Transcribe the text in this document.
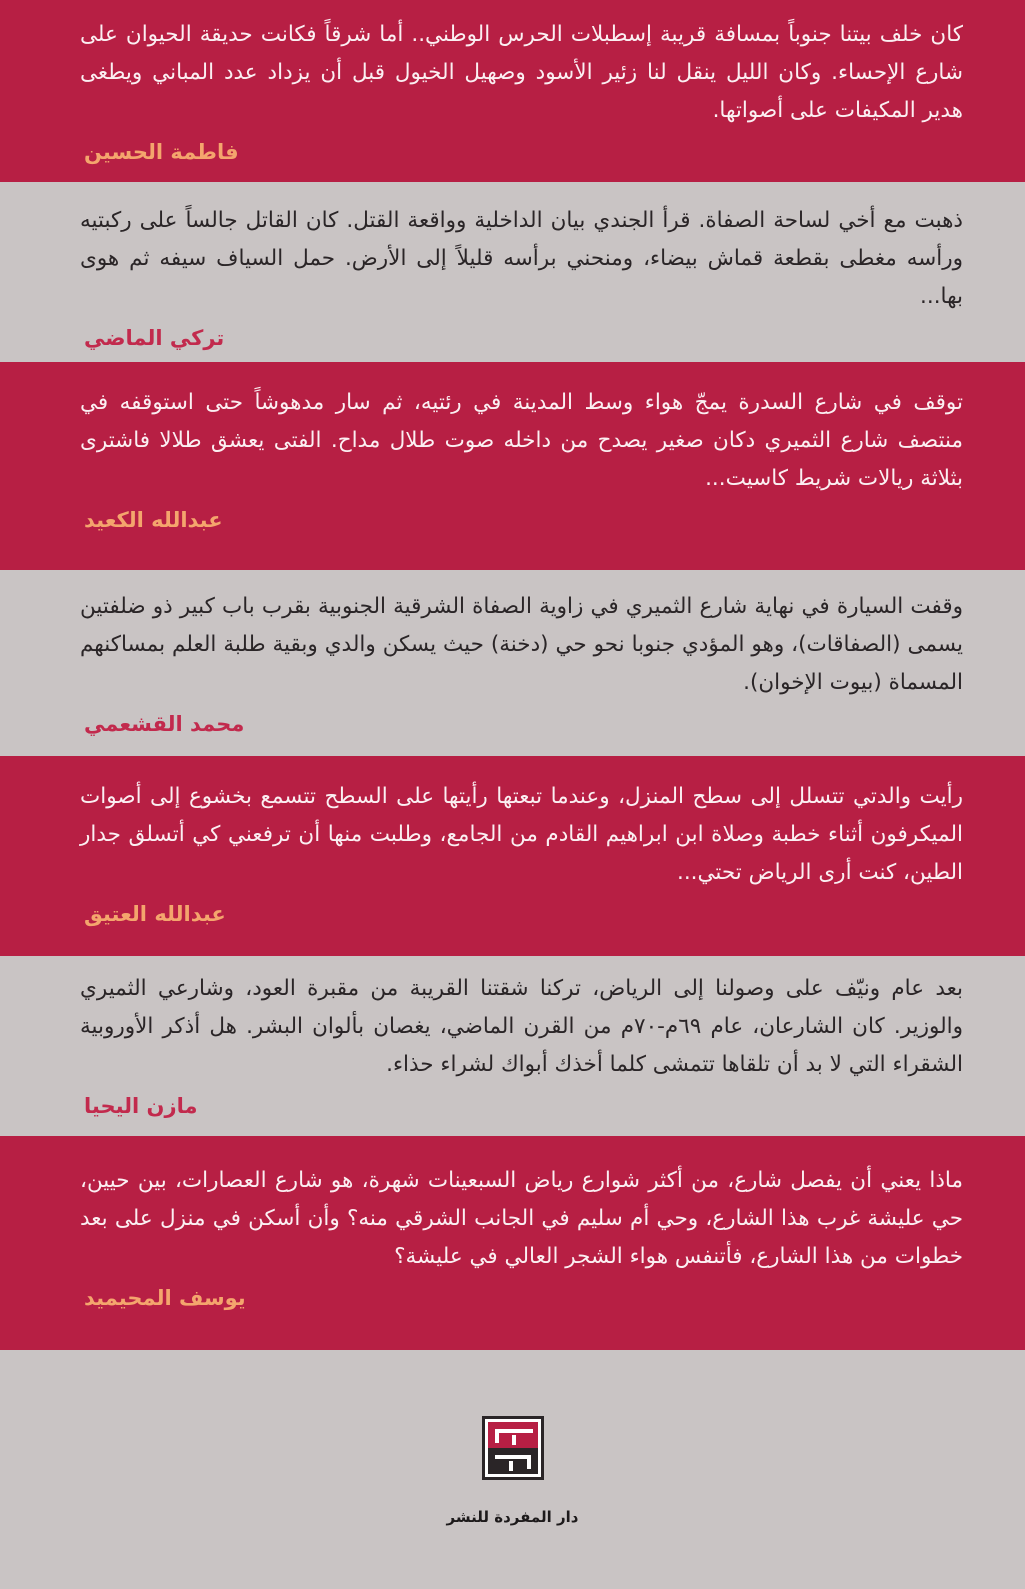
كان خلف بيتنا جنوباً بمسافة قريبة إسطبلات الحرس الوطني.. أما شرقاً فكانت حديقة الحيوان على شارع الإحساء. وكان الليل ينقل لنا زئير الأسود وصهيل الخيول قبل أن يزداد عدد المباني ويطغى هدير المكيفات على أصواتها.

فاطمة الحسين

ذهبت مع أخي لساحة الصفاة. قرأ الجندي بيان الداخلية وواقعة القتل. كان القاتل جالساً على ركبتيه ورأسه مغطى بقطعة قماش بيضاء، ومنحني برأسه قليلاً إلى الأرض. حمل السياف سيفه ثم هوى بها...

تركي الماضي

توقف في شارع السدرة يمجّ هواء وسط المدينة في رئتيه، ثم سار مدهوشاً حتى استوقفه في منتصف شارع الثميري دكان صغير يصدح من داخله صوت طلال مداح. الفتى يعشق طلالا فاشترى بثلاثة ريالات شريط كاسيت...

عبدالله الكعيد

وقفت السيارة في نهاية شارع الثميري في زاوية الصفاة الشرقية الجنوبية بقرب باب كبير ذو ضلفتين يسمى (الصفاقات)، وهو المؤدي جنوبا نحو حي (دخنة) حيث يسكن والدي وبقية طلبة العلم بمساكنهم المسماة (بيوت الإخوان).

محمد القشعمي

رأيت والدتي تتسلل إلى سطح المنزل، وعندما تبعتها رأيتها على السطح تتسمع بخشوع إلى أصوات الميكرفون أثناء خطبة وصلاة ابن ابراهيم القادم من الجامع، وطلبت منها أن ترفعني كي أتسلق جدار الطين، كنت أرى الرياض تحتي...

عبدالله العتيق

بعد عام ونيّف على وصولنا إلى الرياض، تركنا شقتنا القريبة من مقبرة العود، وشارعي الثميري والوزير. كان الشارعان، عام ٦٩م-٧٠م من القرن الماضي، يغصان بألوان البشر. هل أذكر الأوروبية الشقراء التي لا بد أن تلقاها تتمشى كلما أخذك أبواك لشراء حذاء.

مازن اليحيا

ماذا يعني أن يفصل شارع، من أكثر شوارع رياض السبعينات شهرة، هو شارع العصارات، بين حيين، حي عليشة غرب هذا الشارع، وحي أم سليم في الجانب الشرقي منه؟ وأن أسكن في منزل على بعد خطوات من هذا الشارع، فأتنفس هواء الشجر العالي في عليشة؟

يوسف المحيميد
دار المفردة للنشر
